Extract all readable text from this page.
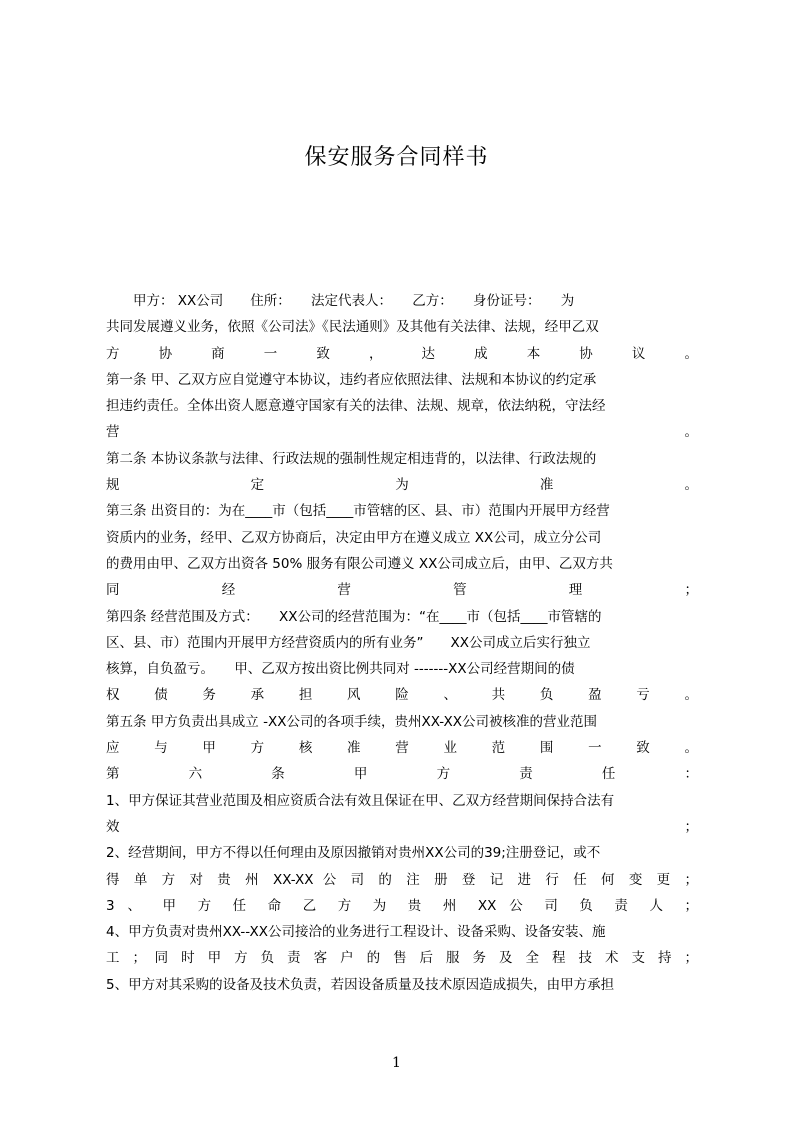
保安服务合同样书
　　甲方： XX公司　　住所：　　法定代表人：　　乙方：　　身份证号：　　为
共同发展遵义业务，依照《公司法》《民法通则》及其他有关法律、法规，经甲乙双
方 协 商 一 致 ， 达 成 本 协 议 。
第一条 甲、乙双方应自觉遵守本协议，违约者应依照法律、法规和本协议的约定承
担违约责任。全体出资人愿意遵守国家有关的法律、法规、规章，依法纳税，守法经
营 。
第二条 本协议条款与法律、行政法规的强制性规定相违背的，以法律、行政法规的
规 定 为 准 。
第三条 出资目的：为在____市（包括____市管辖的区、县、市）范围内开展甲方经营
资质内的业务，经甲、乙双方协商后，决定由甲方在遵义成立 XX公司，成立分公司
的费用由甲、乙双方出资各 50% 服务有限公司遵义 XX公司成立后，由甲、乙双方共
同 经 营 管 理 ；
第四条 经营范围及方式：　　XX公司的经营范围为：“在____市（包括____市管辖的
区、县、市）范围内开展甲方经营资质内的所有业务”　　XX公司成立后实行独立
核算，自负盈亏。　　甲、乙双方按出资比例共同对 -------XX公司经营期间的债
权 债 务 承 担 风 险 、 共 负 盈 亏 。
第五条 甲方负责出具成立 -XX公司的各项手续，贵州XX-XX公司被核准的营业范围
应 与 甲 方 核 准 营 业 范 围 一 致 。
第 六 条 甲 方 责 任 ：
1、甲方保证其营业范围及相应资质合法有效且保证在甲、乙双方经营期间保持合法有
效 ；
2、经营期间，甲方不得以任何理由及原因撤销对贵州XX公司的39;注册登记，或不
得 单 方 对 贵 州 XX-XX 公 司 的 注 册 登 记 进 行 任 何 变 更 ；
3 、 甲 方 任 命 乙 方 为 贵 州 XX 公 司 负 责 人 ；
4、甲方负责对贵州XX--XX公司接洽的业务进行工程设计、设备采购、设备安装、施
工 ； 同 时 甲 方 负 责 客 户 的 售 后 服 务 及 全 程 技 术 支 持 ；
5、甲方对其采购的设备及技术负责，若因设备质量及技术原因造成损失，由甲方承担
1
